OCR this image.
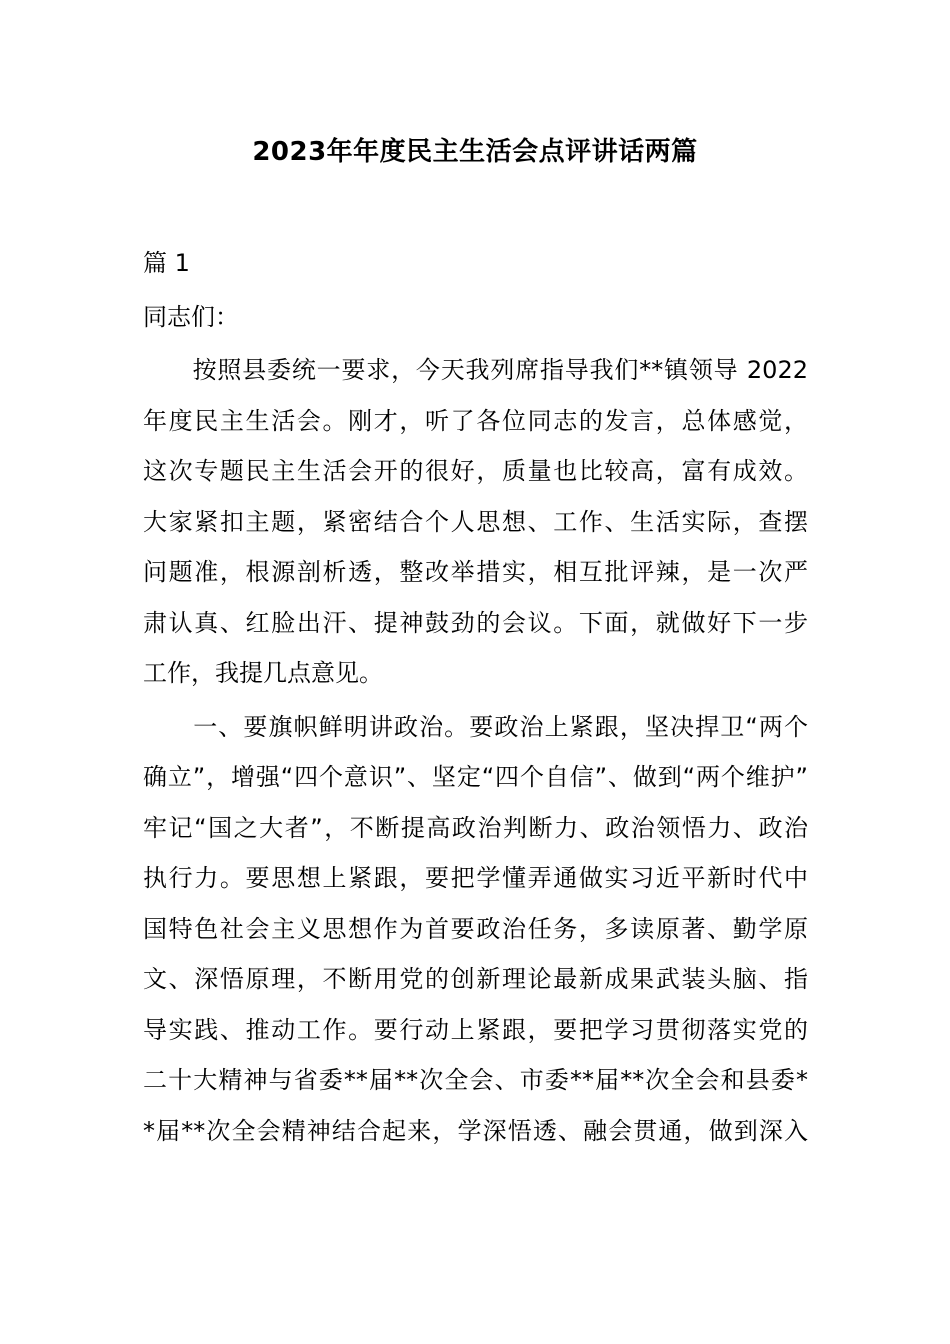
2023年年度民主生活会点评讲话两篇
篇 1
同志们：
　　按照县委统一要求，今天我列席指导我们**镇领导 2022
年度民主生活会。刚才，听了各位同志的发言，总体感觉，
这次专题民主生活会开的很好，质量也比较高，富有成效。
大家紧扣主题，紧密结合个人思想、工作、生活实际，查摆
问题准，根源剖析透，整改举措实，相互批评辣，是一次严
肃认真、红脸出汗、提神鼓劲的会议。下面，就做好下一步
工作，我提几点意见。
　　一、要旗帜鲜明讲政治。要政治上紧跟，坚决捍卫“两个
确立”，增强“四个意识”、坚定“四个自信”、做到“两个维护”
牢记“国之大者”，不断提高政治判断力、政治领悟力、政治
执行力。要思想上紧跟，要把学懂弄通做实习近平新时代中
国特色社会主义思想作为首要政治任务，多读原著、勤学原
文、深悟原理，不断用党的创新理论最新成果武装头脑、指
导实践、推动工作。要行动上紧跟，要把学习贯彻落实党的
二十大精神与省委**届**次全会、市委**届**次全会和县委*
*届**次全会精神结合起来，学深悟透、融会贯通，做到深入
